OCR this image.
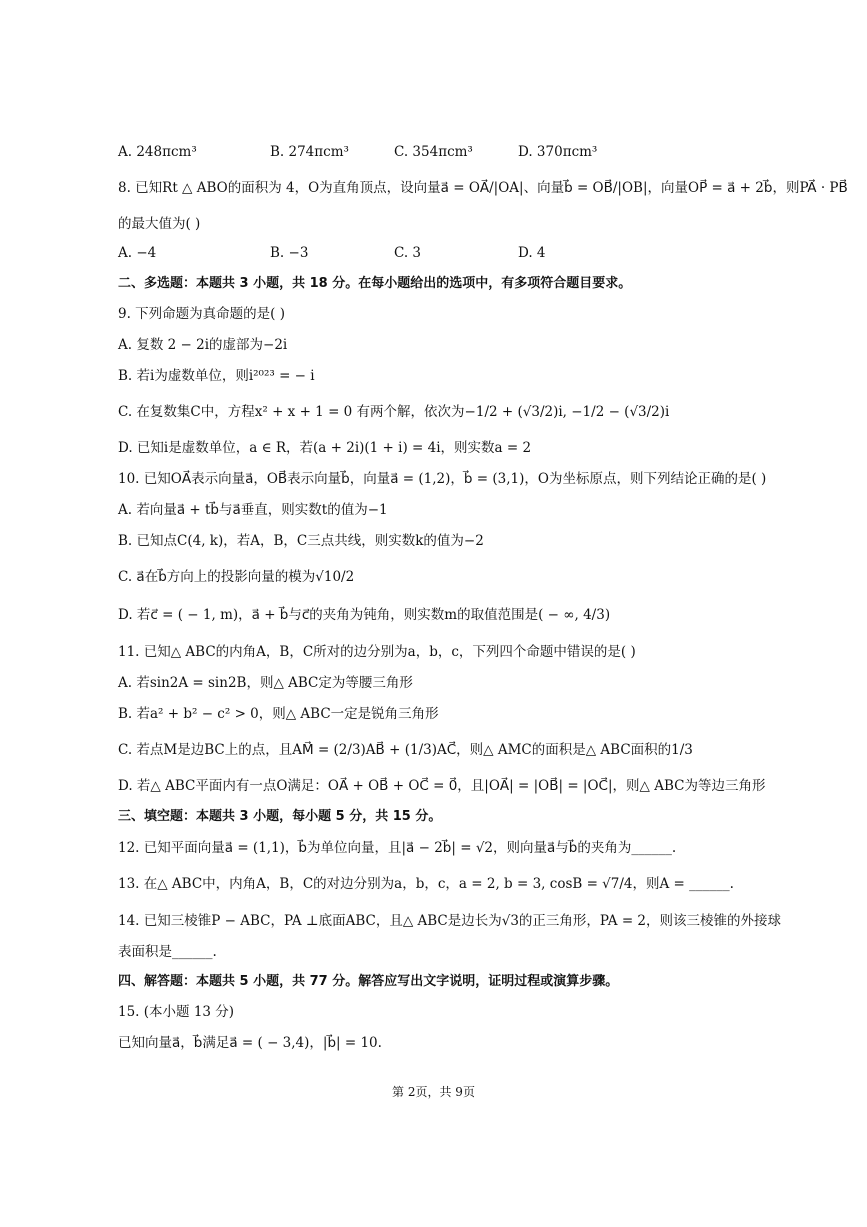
A. 248πcm³	B. 274πcm³	C. 354πcm³	D. 370πcm³
8. 已知Rt △ ABO的面积为 4，O为直角顶点，设向量a⃗ = OA⃗/|OA|、向量b⃗ = OB⃗/|OB|，向量OP⃗ = a⃗ + 2b⃗，则PA⃗ · PB⃗
的最大值为( )
A. −4	B. −3	C. 3	D. 4
二、多选题：本题共 3 小题，共 18 分。在每小题给出的选项中，有多项符合题目要求。
9. 下列命题为真命题的是( )
A. 复数 2 − 2i的虚部为−2i
B. 若i为虚数单位，则i²⁰²³ = − i
C. 在复数集C中，方程x² + x + 1 = 0 有两个解，依次为−1/2 + (√3/2)i, −1/2 − (√3/2)i
D. 已知i是虚数单位，a ∈ R，若(a + 2i)(1 + i) = 4i，则实数a = 2
10. 已知OA⃗表示向量a⃗，OB⃗表示向量b⃗，向量a⃗ = (1,2)，b⃗ = (3,1)，O为坐标原点，则下列结论正确的是( )
A. 若向量a⃗ + tb⃗与a⃗垂直，则实数t的值为−1
B. 已知点C(4, k)，若A，B，C三点共线，则实数k的值为−2
C. a⃗在b⃗方向上的投影向量的模为√10/2
D. 若c⃗ = ( − 1, m)，a⃗ + b⃗与c⃗的夹角为钝角，则实数m的取值范围是( − ∞, 4/3)
11. 已知△ ABC的内角A，B，C所对的边分别为a，b，c，下列四个命题中错误的是( )
A. 若sin2A = sin2B，则△ ABC定为等腰三角形
B. 若a² + b² − c² > 0，则△ ABC一定是锐角三角形
C. 若点M是边BC上的点，且AM⃗ = (2/3)AB⃗ + (1/3)AC⃗，则△ AMC的面积是△ ABC面积的1/3
D. 若△ ABC平面内有一点O满足：OA⃗ + OB⃗ + OC⃗ = 0⃗，且|OA⃗| = |OB⃗| = |OC⃗|，则△ ABC为等边三角形
三、填空题：本题共 3 小题，每小题 5 分，共 15 分。
12. 已知平面向量a⃗ = (1,1)，b⃗为单位向量，且|a⃗ − 2b⃗| = √2，则向量a⃗与b⃗的夹角为______.
13. 在△ ABC中，内角A，B，C的对边分别为a，b，c，a = 2, b = 3, cosB = √7/4，则A = ______.
14. 已知三棱锥P − ABC，PA ⊥底面ABC，且△ ABC是边长为√3的正三角形，PA = 2，则该三棱锥的外接球
表面积是______.
四、解答题：本题共 5 小题，共 77 分。解答应写出文字说明，证明过程或演算步骤。
15. (本小题 13 分)
已知向量a⃗，b⃗满足a⃗ = ( − 3,4)，|b⃗| = 10.
第 2页，共 9页
